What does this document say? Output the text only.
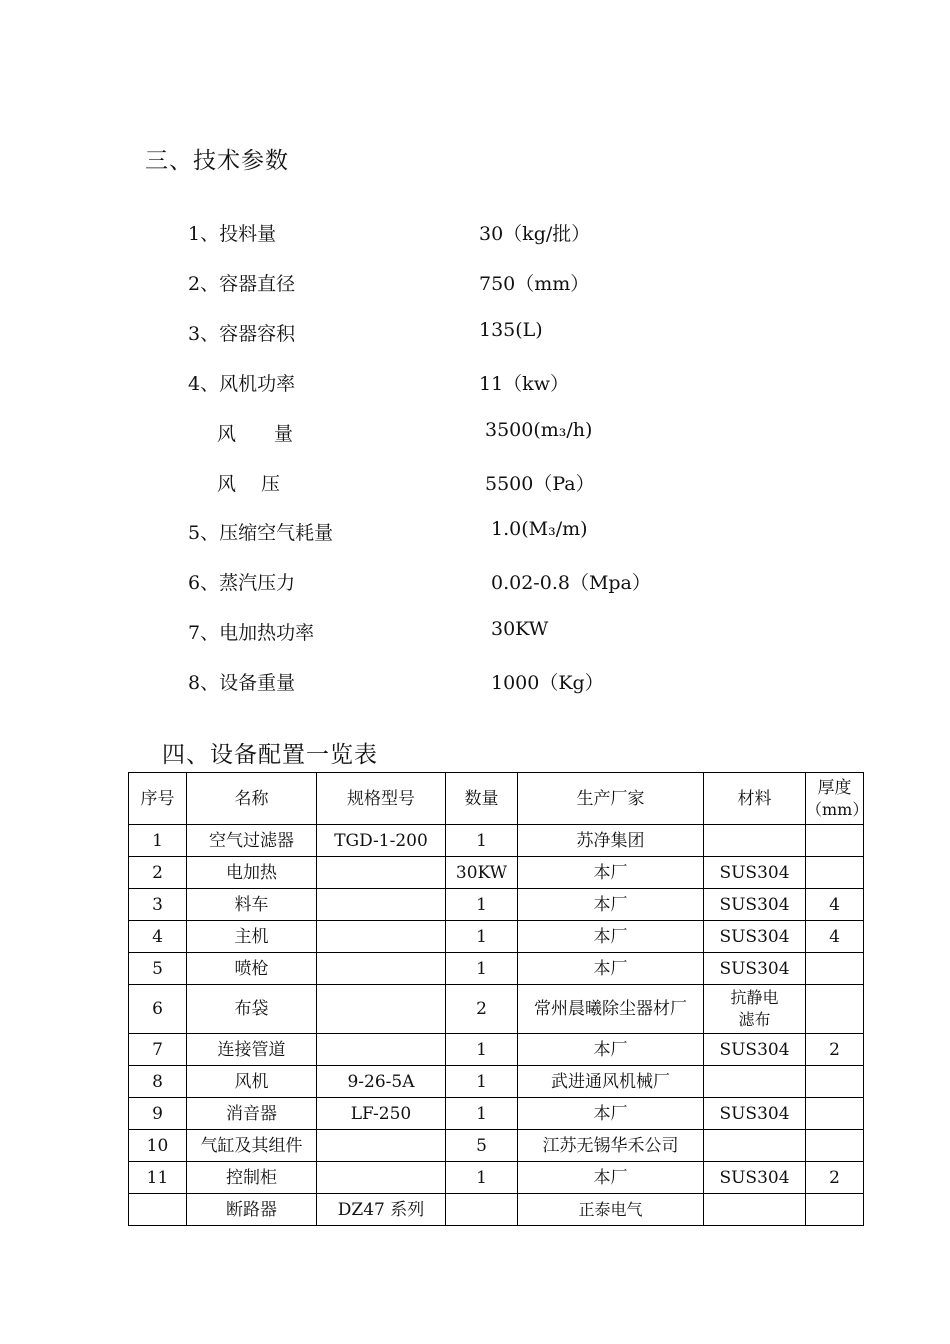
三、技术参数
1、投料量	30（kg/批）
2、容器直径	750（mm）
3、容器容积	135(L)
4、风机功率	11（kw）
风　　量	3500(m₃/h)
风　 压	5500（Pa）
5、压缩空气耗量	1.0(M₃/m)
6、蒸汽压力	0.02-0.8（Mpa）
7、电加热功率	30KW
8、设备重量	1000（Kg）
四、设备配置一览表
序号	名称	规格型号	数量	生产厂家	材料	厚度
（mm）

1	空气过滤器	TGD-1-200	1	苏净集团		
2	电加热		30KW	本厂	SUS304	
3	料车		1	本厂	SUS304	4
4	主机		1	本厂	SUS304	4
5	喷枪		1	本厂	SUS304	
6	布袋		2	常州晨曦除尘器材厂	抗静电
滤布	

7	连接管道		1	本厂	SUS304	2
8	风机	9-26-5A	1	武进通风机械厂		
9	消音器	LF-250	1	本厂	SUS304	
10	气缸及其组件		5	江苏无锡华禾公司		
11	控制柜		1	本厂	SUS304	2
	断路器	DZ47 系列		正泰电气		
